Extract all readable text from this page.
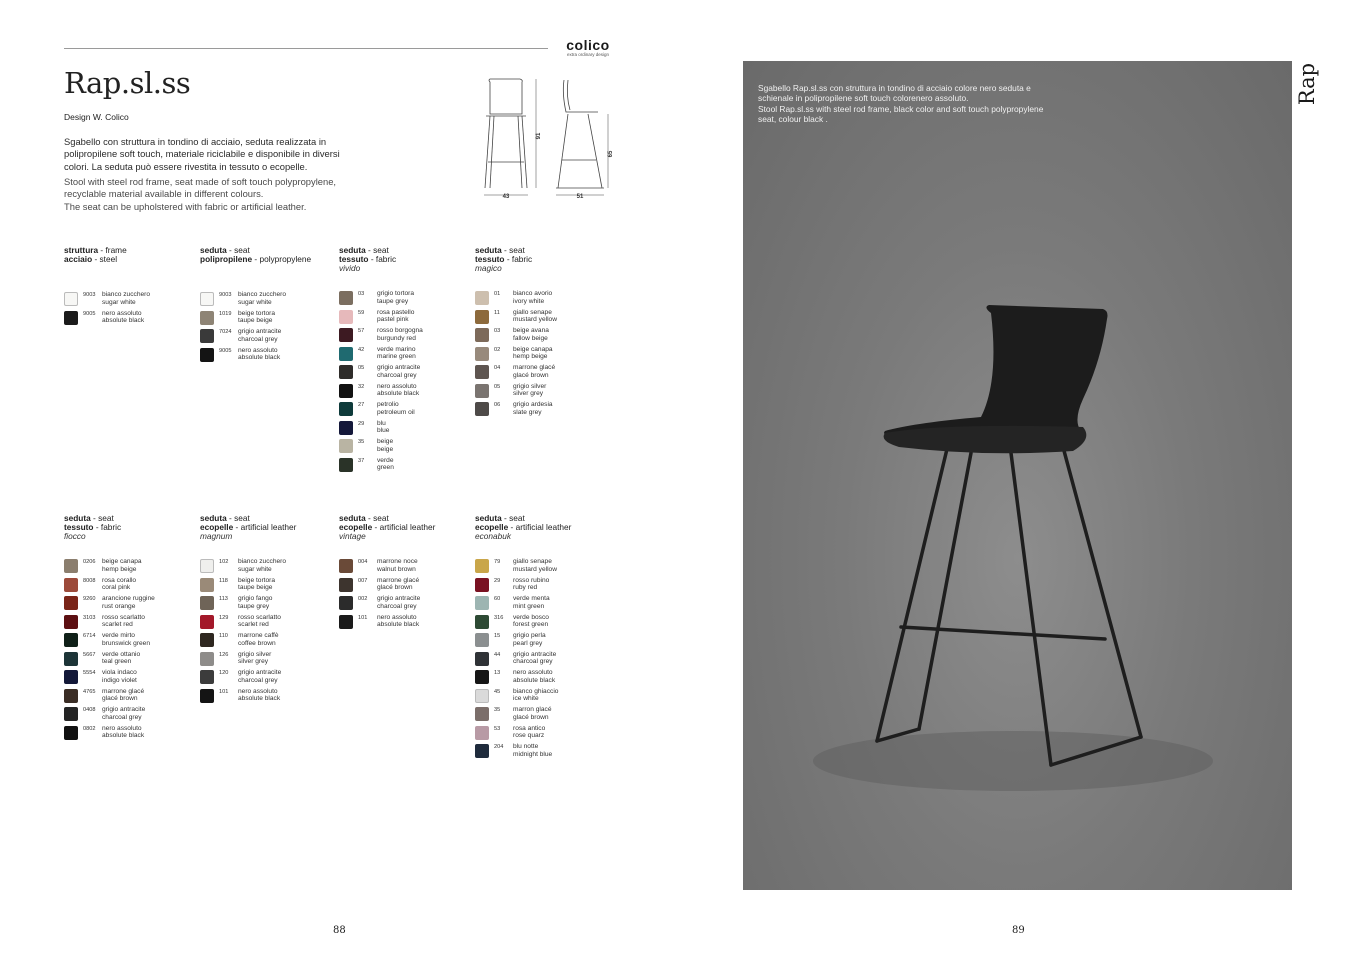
colico
extra ordinary design
Rap.sl.ss
Design W. Colico
Sgabello con struttura in tondino di acciaio, seduta realizzata in polipropilene soft touch, materiale riciclabile e disponibile in diversi colori. La seduta può essere rivestita in tessuto o ecopelle.
Stool with steel rod frame, seat made of soft touch polypropylene, recyclable material available in different colours.
The seat can be upholstered with fabric or artificial leather.
43	51
91
65
struttura - frame
acciaio - steel
9003 bianco zucchero
sugar white
9005 nero assoluto
absolute black
seduta - seat
polipropilene - polypropylene
9003 bianco zucchero
sugar white
1019 beige tortora
taupe beige
7024 grigio antracite
charcoal grey
9005 nero assoluto
absolute black
seduta - seat
tessuto - fabric
vivido
03	grigio tortora
taupe grey
59	rosa pastello
pastel pink
57	rosso borgogna
burgundy red
42	verde marino
marine green
05	grigio antracite
charcoal grey
32	nero assoluto
absolute black
27	petrolio
petroleum oil
29	blu
blue
35	beige
beige
37	verde
green
seduta - seat
tessuto - fabric
magico
01	bianco avorio
ivory white
11	giallo senape
mustard yellow
03	beige avana
fallow beige
02	beige canapa
hemp beige
04	marrone glacé
glacé brown
05	grigio silver
silver grey
06	grigio ardesia
slate grey
seduta - seat
tessuto - fabric
fiocco
0206 beige canapa
hemp beige
8008 rosa corallo
coral pink
9260 arancione ruggine
rust orange
3103 rosso scarlatto
scarlet red
6714 verde mirto
brunswick green
5667 verde ottanio
teal green
5554 viola indaco
indigo violet
4765 marrone glacé
glacé brown
0408 grigio antracite
charcoal grey
0802 nero assoluto
absolute black
seduta - seat
ecopelle - artificial leather
magnum
102	bianco zucchero
sugar white
118	beige tortora
taupe beige
113	grigio fango
taupe grey
129	rosso scarlatto
scarlet red
110	marrone caffè
coffee brown
126	grigio silver
silver grey
120	grigio antracite
charcoal grey
101	nero assoluto
absolute black
seduta - seat
ecopelle - artificial leather
vintage
004	marrone noce
walnut brown
007	marrone glacé
glacé brown
002	grigio antracite
charcoal grey
101	nero assoluto
absolute black
seduta - seat
ecopelle - artificial leather
econabuk
79	giallo senape
mustard yellow
29	rosso rubino
ruby red
60	verde menta
mint green
316	verde bosco
forest green
15	grigio perla
pearl grey
44	grigio antracite
charcoal grey
13	nero assoluto
absolute black
45	bianco ghiaccio
ice white
35	marron glacé
glacé brown
53	rosa antico
rose quarz
204	blu notte
midnight blue
Sgabello Rap.sl.ss con struttura in tondino di acciaio colore nero seduta e schienale in polipropilene soft touch colorenero assoluto.
Stool Rap.sl.ss with steel rod frame, black color and soft touch polypropylene seat, colour black .
Rap
88	89
